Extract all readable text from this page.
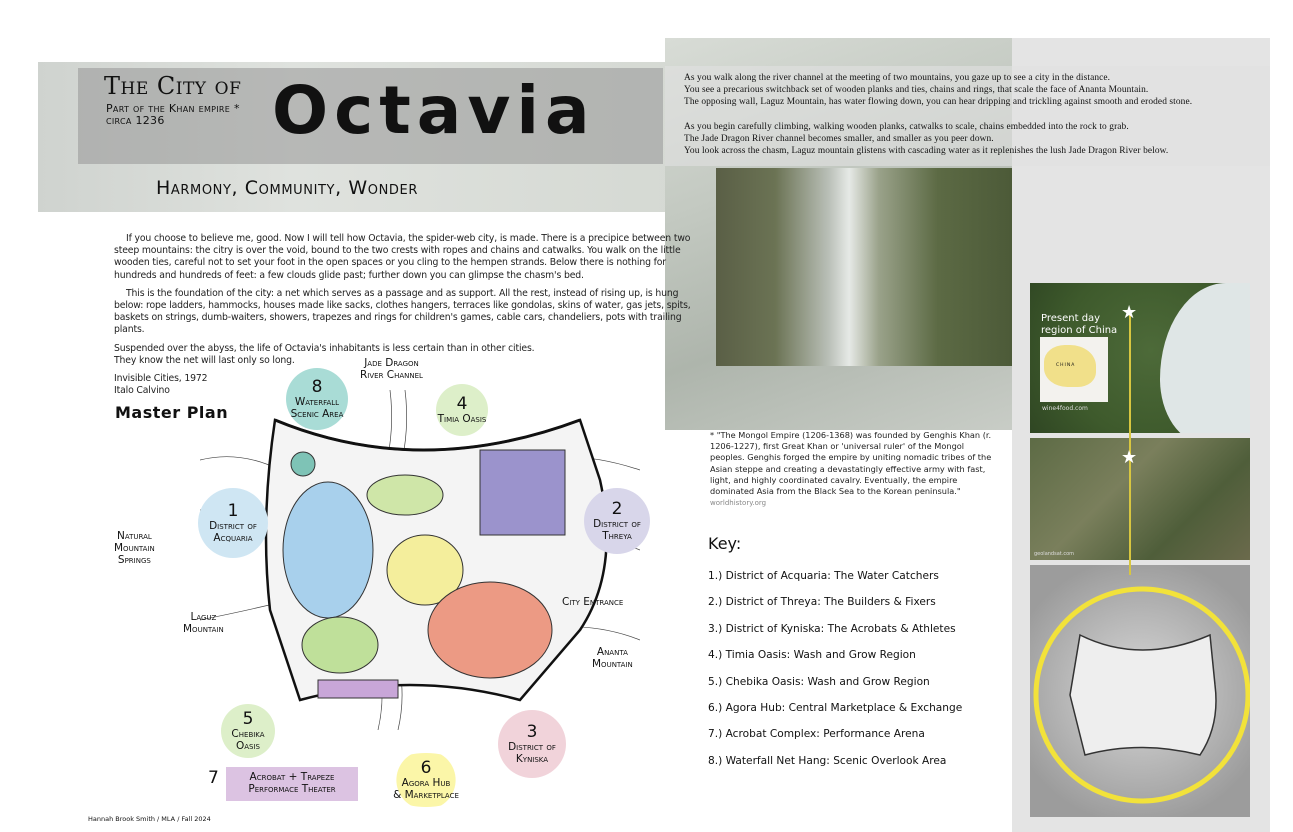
The City of
Part of the Khan empire *
circa 1236 Octavia
Harmony, Community, Wonder
If you choose to believe me, good. Now I will tell how Octavia, the spider-web city, is made. There is a precipice between two steep mountains: the citry is over the void, bound to the two crests with ropes and chains and catwalks. You walk on the little wooden ties, careful not to set your foot in the open spaces or you cling to the hempen strands. Below there is nothing for hundreds and hundreds of feet: a few clouds glide past; further down you can glimpse the chasm's bed.
This is the foundation of the city: a net which serves as a passage and as support. All the rest, instead of rising up, is hung below: rope ladders, hammocks, houses made like sacks, clothes hangers, terraces like gondolas, skins of water, gas jets, spits, baskets on strings, dumb-waiters, showers, trapezes and rings for children's games, cable cars, chandeliers, pots with trailing plants.
Suspended over the abyss, the life of Octavia's inhabitants is less certain than in other cities.
They know the net will last only so long.
Invisible Cities, 1972
Italo Calvino
As you walk along the river channel at the meeting of two mountains, you gaze up to see a city in the distance.
You see a precarious switchback set of wooden planks and ties, chains and rings, that scale the face of Ananta Mountain.
The opposing wall, Laguz Mountain, has water flowing down, you can hear dripping and trickling against smooth and eroded stone.
As you begin carefully climbing, walking wooden planks, catwalks to scale, chains embedded into the rock to grab.
The Jade Dragon River channel becomes smaller, and smaller as you peer down.
You look across the chasm, Laguz mountain glistens with cascading water as it replenishes the lush Jade Dragon River below.
Master Plan
Jade Dragon
River Channel
Natural
Mountain
Springs
Laguz
Mountain
City Entrance
Ananta
Mountain
1
District of
Acquaria
2
District of
Threya
3
District of
Kyniska
4
Timia Oasis
5
Chebika
Oasis
6
Agora Hub
& Marketplace
7	Acrobat + Trapeze
Performace Theater
8
Waterfall
Scenic Area
* "The Mongol Empire (1206-1368) was founded by Genghis Khan (r. 1206-1227), first Great Khan or 'universal ruler' of the Mongol peoples. Genghis forged the empire by uniting nomadic tribes of the Asian steppe and creating a devastatingly effective army with fast, light, and highly coordinated cavalry. Eventually, the empire dominated Asia from the Black Sea to the Korean peninsula." worldhistory.org
Key:
1.) District of Acquaria: The Water Catchers
2.) District of Threya: The Builders & Fixers
3.) District of Kyniska: The Acrobats & Athletes
4.) Timia Oasis: Wash and Grow Region
5.) Chebika Oasis: Wash and Grow Region
6.) Agora Hub: Central Marketplace & Exchange
7.) Acrobat Complex: Performance Arena
8.) Waterfall Net Hang: Scenic Overlook Area
Present day
region of China
CHINA
wine4food.com
geolandsat.com
★
★
Hannah Brook Smith / MLA / Fall 2024
